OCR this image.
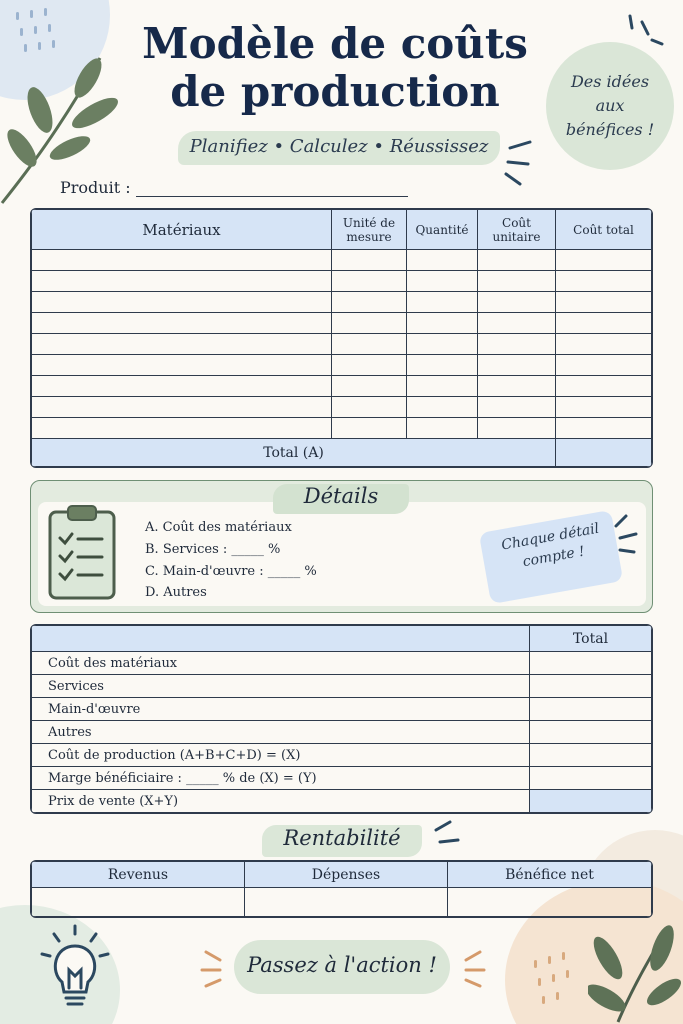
Modèle de coûts
de production
Planifiez • Calculez • Réussissez
Des idées aux bénéfices !
Produit :
Matériaux	Unité de mesure	Quantité	Coût unitaire	Coût total

Total (A)				
Détails
A. Coût des matériaux
B. Services : _____ %
C. Main-d'œuvre : _____ %
D. Autres
Chaque détail compte !
	Total
Coût des matériaux	
Services	
Main-d'œuvre	
Autres	
Coût de production (A+B+C+D) = (X)	
Marge bénéficiaire : _____ % de (X) = (Y)	
Prix de vente (X+Y)	
Rentabilité
Revenus	Dépenses	Bénéfice net

Passez à l'action !
